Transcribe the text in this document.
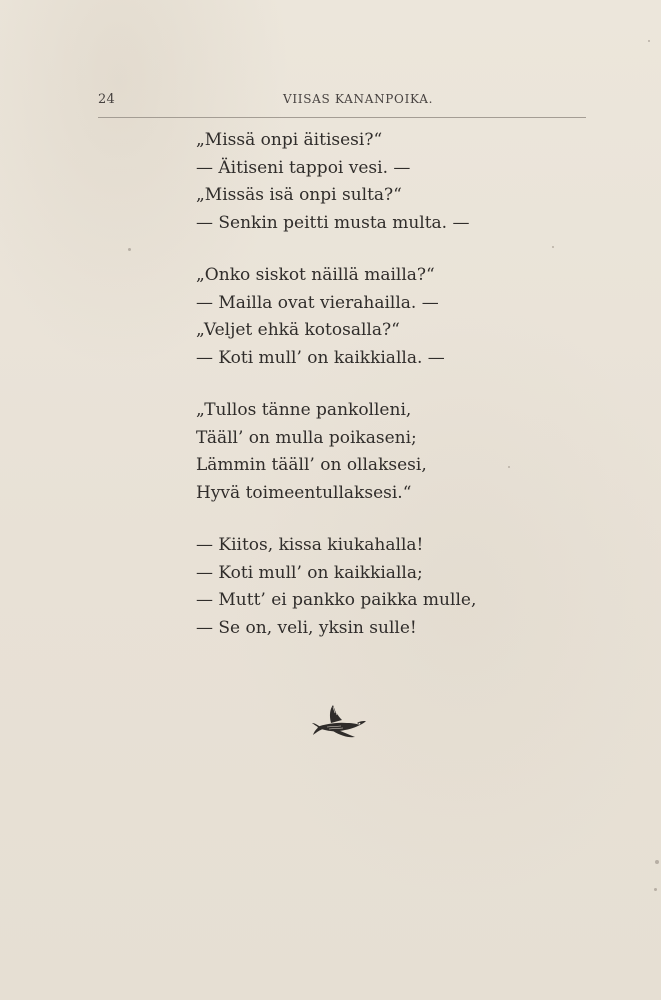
24	VIISAS KANANPOIKA.
„Missä onpi äitisesi?“
— Äitiseni tappoi vesi. —
„Missäs isä onpi sulta?“
— Senkin peitti musta multa. —
„Onko siskot näillä mailla?“
— Mailla ovat vierahailla. —
„Veljet ehkä kotosalla?“
— Koti mull’ on kaikkialla. —
„Tullos tänne pankolleni,
Tääll’ on mulla poikaseni;
Lämmin tääll’ on ollaksesi,
Hyvä toimeentullaksesi.“
— Kiitos, kissa kiukahalla!
— Koti mull’ on kaikkialla;
— Mutt’ ei pankko paikka mulle,
— Se on, veli, yksin sulle!
